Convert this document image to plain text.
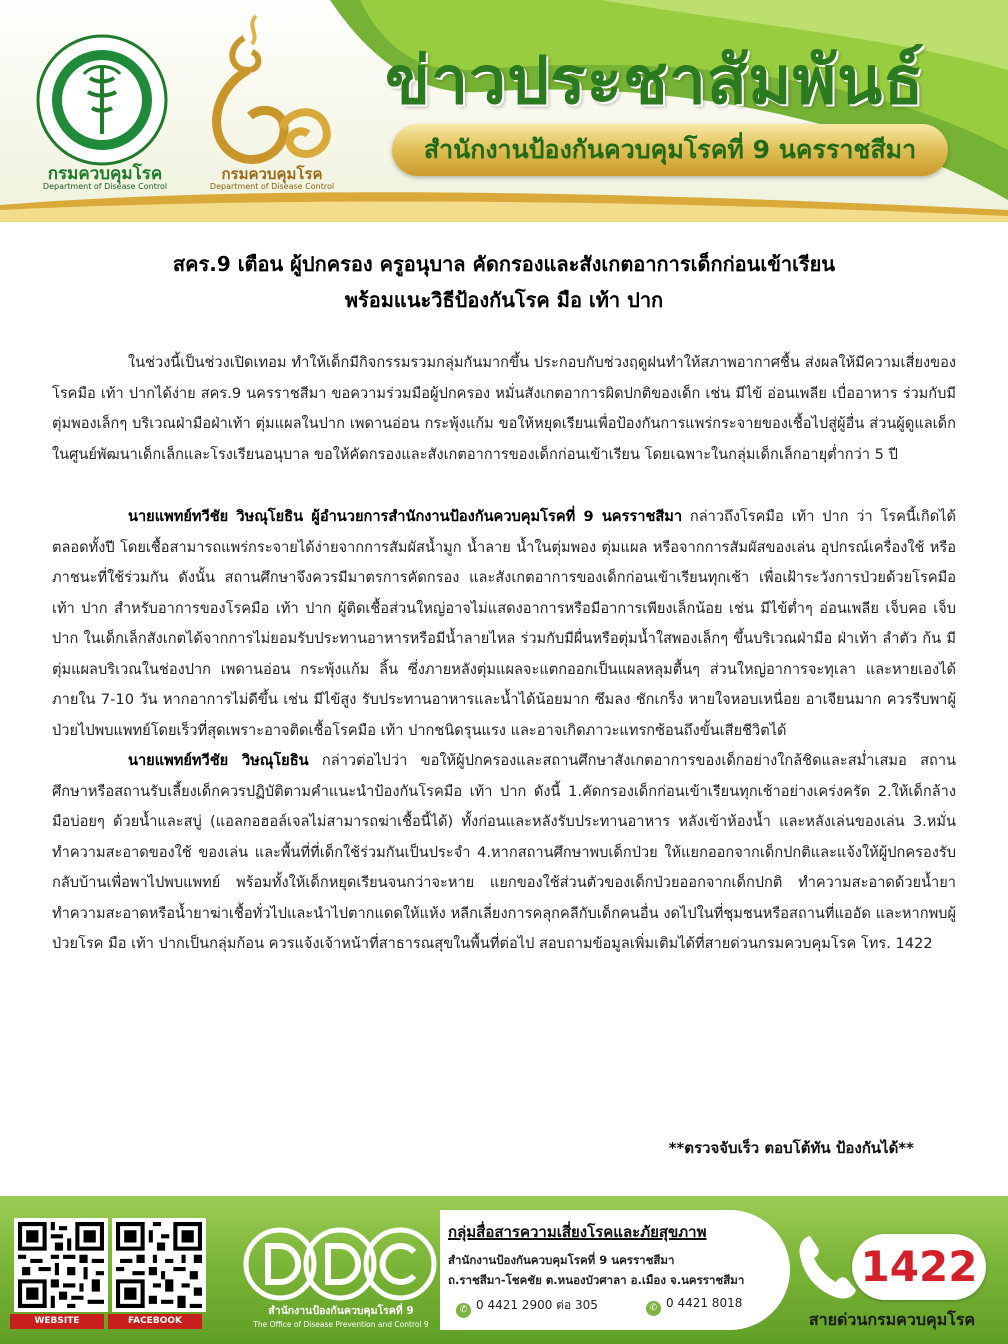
กรมควบคุมโรค
Department of Disease Control
กรมควบคุมโรค
Department of Disease Control
ข่าวประชาสัมพันธ์
สำนักงานป้องกันควบคุมโรคที่ 9 นครราชสีมา
สคร.9 เตือน ผู้ปกครอง ครูอนุบาล คัดกรองและสังเกตอาการเด็กก่อนเข้าเรียน
พร้อมแนะวิธีป้องกันโรค มือ เท้า ปาก

ในช่วงนี้เป็นช่วงเปิดเทอม ทำให้เด็กมีกิจกรรมรวมกลุ่มกันมากขึ้น ประกอบกับช่วงฤดูฝนทำให้สภาพอากาศชื้น ส่งผลให้มีความเสี่ยงของโรคมือ เท้า ปากได้ง่าย สคร.9 นครราชสีมา ขอความร่วมมือผู้ปกครอง หมั่นสังเกตอาการผิดปกติของเด็ก เช่น มีไข้ อ่อนเพลีย เบื่ออาหาร ร่วมกับมีตุ่มพองเล็กๆ บริเวณฝ่ามือฝ่าเท้า ตุ่มแผลในปาก เพดานอ่อน กระพุ้งแก้ม ขอให้หยุดเรียนเพื่อป้องกันการแพร่กระจายของเชื้อไปสู่ผู้อื่น ส่วนผู้ดูแลเด็กในศูนย์พัฒนาเด็กเล็กและโรงเรียนอนุบาล ขอให้คัดกรองและสังเกตอาการของเด็กก่อนเข้าเรียน โดยเฉพาะในกลุ่มเด็กเล็กอายุต่ำกว่า 5 ปี

นายแพทย์ทวีชัย วิษณุโยธิน ผู้อำนวยการสำนักงานป้องกันควบคุมโรคที่ 9 นครราชสีมา กล่าวถึงโรคมือ เท้า ปาก ว่า โรคนี้เกิดได้ตลอดทั้งปี โดยเชื้อสามารถแพร่กระจายได้ง่ายจากการสัมผัสน้ำมูก น้ำลาย น้ำในตุ่มพอง ตุ่มแผล หรือจากการสัมผัสของเล่น อุปกรณ์เครื่องใช้ หรือภาชนะที่ใช้ร่วมกัน ดังนั้น สถานศึกษาจึงควรมีมาตรการคัดกรอง และสังเกตอาการของเด็กก่อนเข้าเรียนทุกเช้า เพื่อเฝ้าระวังการป่วยด้วยโรคมือ เท้า ปาก สำหรับอาการของโรคมือ เท้า ปาก ผู้ติดเชื้อส่วนใหญ่อาจไม่แสดงอาการหรือมีอาการเพียงเล็กน้อย เช่น มีไข้ต่ำๆ อ่อนเพลีย เจ็บคอ เจ็บปาก ในเด็กเล็กสังเกตได้จากการไม่ยอมรับประทานอาหารหรือมีน้ำลายไหล ร่วมกับมีผื่นหรือตุ่มน้ำใสพองเล็กๆ ขึ้นบริเวณฝ่ามือ ฝ่าเท้า ลำตัว ก้น มีตุ่มแผลบริเวณในช่องปาก เพดานอ่อน กระพุ้งแก้ม ลิ้น ซึ่งภายหลังตุ่มแผลจะแตกออกเป็นแผลหลุมตื้นๆ ส่วนใหญ่อาการจะทุเลา และหายเองได้ภายใน 7-10 วัน หากอาการไม่ดีขึ้น เช่น มีไข้สูง รับประทานอาหารและน้ำได้น้อยมาก ซึมลง ชักเกร็ง หายใจหอบเหนื่อย อาเจียนมาก ควรรีบพาผู้ป่วยไปพบแพทย์โดยเร็วที่สุดเพราะอาจติดเชื้อโรคมือ เท้า ปากชนิดรุนแรง และอาจเกิดภาวะแทรกซ้อนถึงขั้นเสียชีวิตได้

นายแพทย์ทวีชัย วิษณุโยธิน กล่าวต่อไปว่า ขอให้ผู้ปกครองและสถานศึกษาสังเกตอาการของเด็กอย่างใกล้ชิดและสม่ำเสมอ สถานศึกษาหรือสถานรับเลี้ยงเด็กควรปฏิบัติตามคำแนะนำป้องกันโรคมือ เท้า ปาก ดังนี้ 1.คัดกรองเด็กก่อนเข้าเรียนทุกเช้าอย่างเคร่งครัด 2.ให้เด็กล้างมือบ่อยๆ ด้วยน้ำและสบู่ (แอลกอฮอล์เจลไม่สามารถฆ่าเชื้อนี้ได้) ทั้งก่อนและหลังรับประทานอาหาร หลังเข้าห้องน้ำ และหลังเล่นของเล่น 3.หมั่นทำความสะอาดของใช้ ของเล่น และพื้นที่ที่เด็กใช้ร่วมกันเป็นประจำ 4.หากสถานศึกษาพบเด็กป่วย ให้แยกออกจากเด็กปกติและแจ้งให้ผู้ปกครองรับกลับบ้านเพื่อพาไปพบแพทย์ พร้อมทั้งให้เด็กหยุดเรียนจนกว่าจะหาย แยกของใช้ส่วนตัวของเด็กป่วยออกจากเด็กปกติ ทำความสะอาดด้วยน้ำยาทำความสะอาดหรือน้ำยาฆ่าเชื้อทั่วไปและนำไปตากแดดให้แห้ง หลีกเลี่ยงการคลุกคลีกับเด็กคนอื่น งดไปในที่ชุมชนหรือสถานที่แออัด และหากพบผู้ป่วยโรค มือ เท้า ปากเป็นกลุ่มก้อน ควรแจ้งเจ้าหน้าที่สาธารณสุขในพื้นที่ต่อไป สอบถามข้อมูลเพิ่มเติมได้ที่สายด่วนกรมควบคุมโรค โทร. 1422

**ตรวจจับเร็ว ตอบโต้ทัน ป้องกันได้**
WEBSITE	FACEBOOK
สำนักงานป้องกันควบคุมโรคที่ 9
The Office of Disease Prevention and Control 9
กลุ่มสื่อสารความเสี่ยงโรคและภัยสุขภาพ
สำนักงานป้องกันควบคุมโรคที่ 9 นครราชสีมา
ถ.ราชสีมา-โชคชัย ต.หนองบัวศาลา อ.เมือง จ.นครราชสีมา
✆ 0 4421 2900 ต่อ 305	✆ 0 4421 8018
1422
สายด่วนกรมควบคุมโรค
